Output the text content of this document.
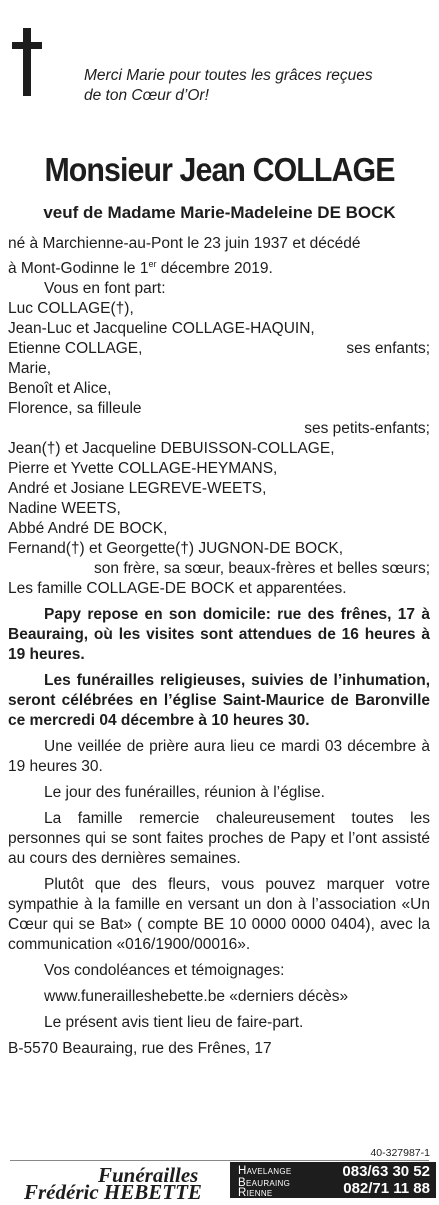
Merci Marie pour toutes les grâces reçues
de ton Cœur d’Or!
Monsieur Jean COLLAGE
veuf de Madame Marie-Madeleine DE BOCK

né à Marchienne-au-Pont le 23 juin 1937 et décédé

à Mont-Godinne le 1er décembre 2019.

Vous en font part:

Luc COLLAGE(†),

Jean-Luc et Jacqueline COLLAGE-HAQUIN,

Etienne COLLAGE,	ses enfants;

Marie,

Benoît et Alice,

Florence, sa filleule

ses petits-enfants;

Jean(†) et Jacqueline DEBUISSON-COLLAGE,

Pierre et Yvette COLLAGE-HEYMANS,

André et Josiane LEGREVE-WEETS,

Nadine WEETS,

Abbé André DE BOCK,

Fernand(†) et Georgette(†) JUGNON-DE BOCK,

son frère, sa sœur, beaux-frères et belles sœurs;

Les famille COLLAGE-DE BOCK et apparentées.

Papy repose en son domicile: rue des frênes, 17 à Beauraing, où les visites sont attendues de 16 heures à 19 heures.

Les funérailles religieuses, suivies de l’inhumation, seront célébrées en l’église Saint-Maurice de Baronville ce mercredi 04 décembre à 10 heures 30.

Une veillée de prière aura lieu ce mardi 03 décembre à 19 heures 30.

Le jour des funérailles, réunion à l’église.

La famille remercie chaleureusement toutes les personnes qui se sont faites proches de Papy et l’ont assisté au cours des dernières semaines.

Plutôt que des fleurs, vous pouvez marquer votre sympathie à la famille en versant un don à l’association «Un Cœur qui se Bat» ( compte BE 10 0000 0000 0404), avec la communication «016/1900/00016».

Vos condoléances et témoignages:

www.funerailleshebette.be «derniers décès»

Le présent avis tient lieu de faire-part.

B-5570 Beauraing, rue des Frênes, 17

40-327987-1
Funérailles
Frédéric HEBETTE
Havelange	083/63 30 52
Beauraing
Rienne	082/71 11 88
